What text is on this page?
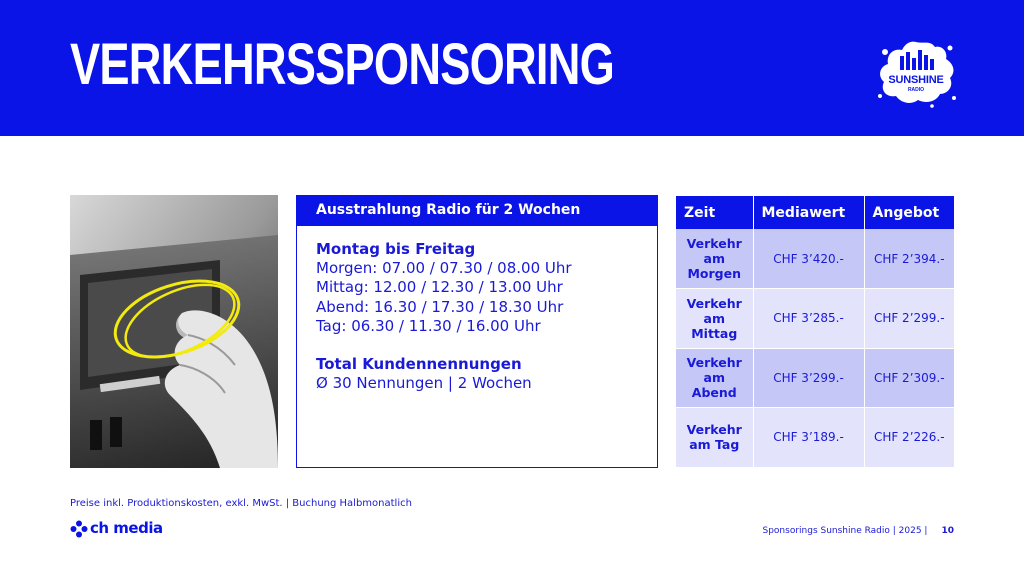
VERKEHRSSPONSORING	SUNSHINE
RADIO
Ausstrahlung Radio für 2 Wochen
Montag bis Freitag
Morgen: 07.00 / 07.30 / 08.00 Uhr
Mittag: 12.00 / 12.30 / 13.00 Uhr
Abend: 16.30 / 17.30 / 18.30 Uhr
Tag: 06.30 / 11.30 / 16.00 Uhr
Total Kundennennungen
Ø 30 Nennungen | 2 Wochen
Zeit	Mediawert	Angebot

Verkehr
am
Morgen	CHF 3’420.-	CHF 2’394.-

Verkehr
am
Mittag	CHF 3’285.-	CHF 2’299.-

Verkehr
am
Abend	CHF 3’299.-	CHF 2’309.-

Verkehr
am Tag	CHF 3’189.-	CHF 2’226.-
Preise inkl. Produktionskosten, exkl. MwSt. | Buchung Halbmonatlich
ch media	Sponsorings Sunshine Radio | 2025 | 10
